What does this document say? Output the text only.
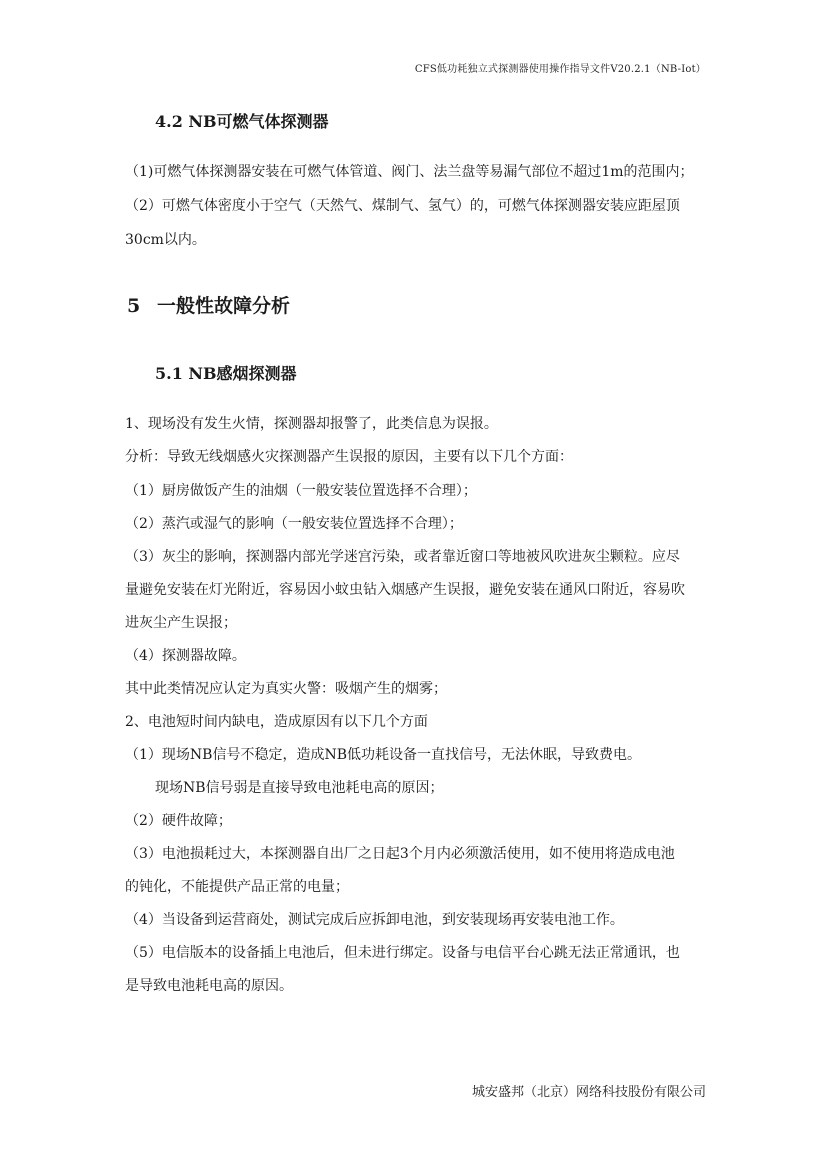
CFS低功耗独立式探测器使用操作指导文件V20.2.1（NB-Iot）
4.2 NB可燃气体探测器
（1)可燃气体探测器安装在可燃气体管道、阀门、法兰盘等易漏气部位不超过1m的范围内；
（2）可燃气体密度小于空气（天然气、煤制气、氢气）的，可燃气体探测器安装应距屋顶
30cm以内。
5 一般性故障分析
5.1 NB感烟探测器
1、现场没有发生火情，探测器却报警了，此类信息为误报。
分析：导致无线烟感火灾探测器产生误报的原因，主要有以下几个方面：
（1）厨房做饭产生的油烟（一般安装位置选择不合理）；
（2）蒸汽或湿气的影响（一般安装位置选择不合理）；
（3）灰尘的影响，探测器内部光学迷宫污染，或者靠近窗口等地被风吹进灰尘颗粒。应尽
量避免安装在灯光附近，容易因小蚊虫钻入烟感产生误报，避免安装在通风口附近，容易吹
进灰尘产生误报；
（4）探测器故障。
其中此类情况应认定为真实火警：吸烟产生的烟雾；
2、电池短时间内缺电，造成原因有以下几个方面
（1）现场NB信号不稳定，造成NB低功耗设备一直找信号，无法休眠，导致费电。
现场NB信号弱是直接导致电池耗电高的原因；
（2）硬件故障；
（3）电池损耗过大，本探测器自出厂之日起3个月内必须激活使用，如不使用将造成电池
的钝化，不能提供产品正常的电量；
（4）当设备到运营商处，测试完成后应拆卸电池，到安装现场再安装电池工作。
（5）电信版本的设备插上电池后，但未进行绑定。设备与电信平台心跳无法正常通讯，也
是导致电池耗电高的原因。
城安盛邦（北京）网络科技股份有限公司
